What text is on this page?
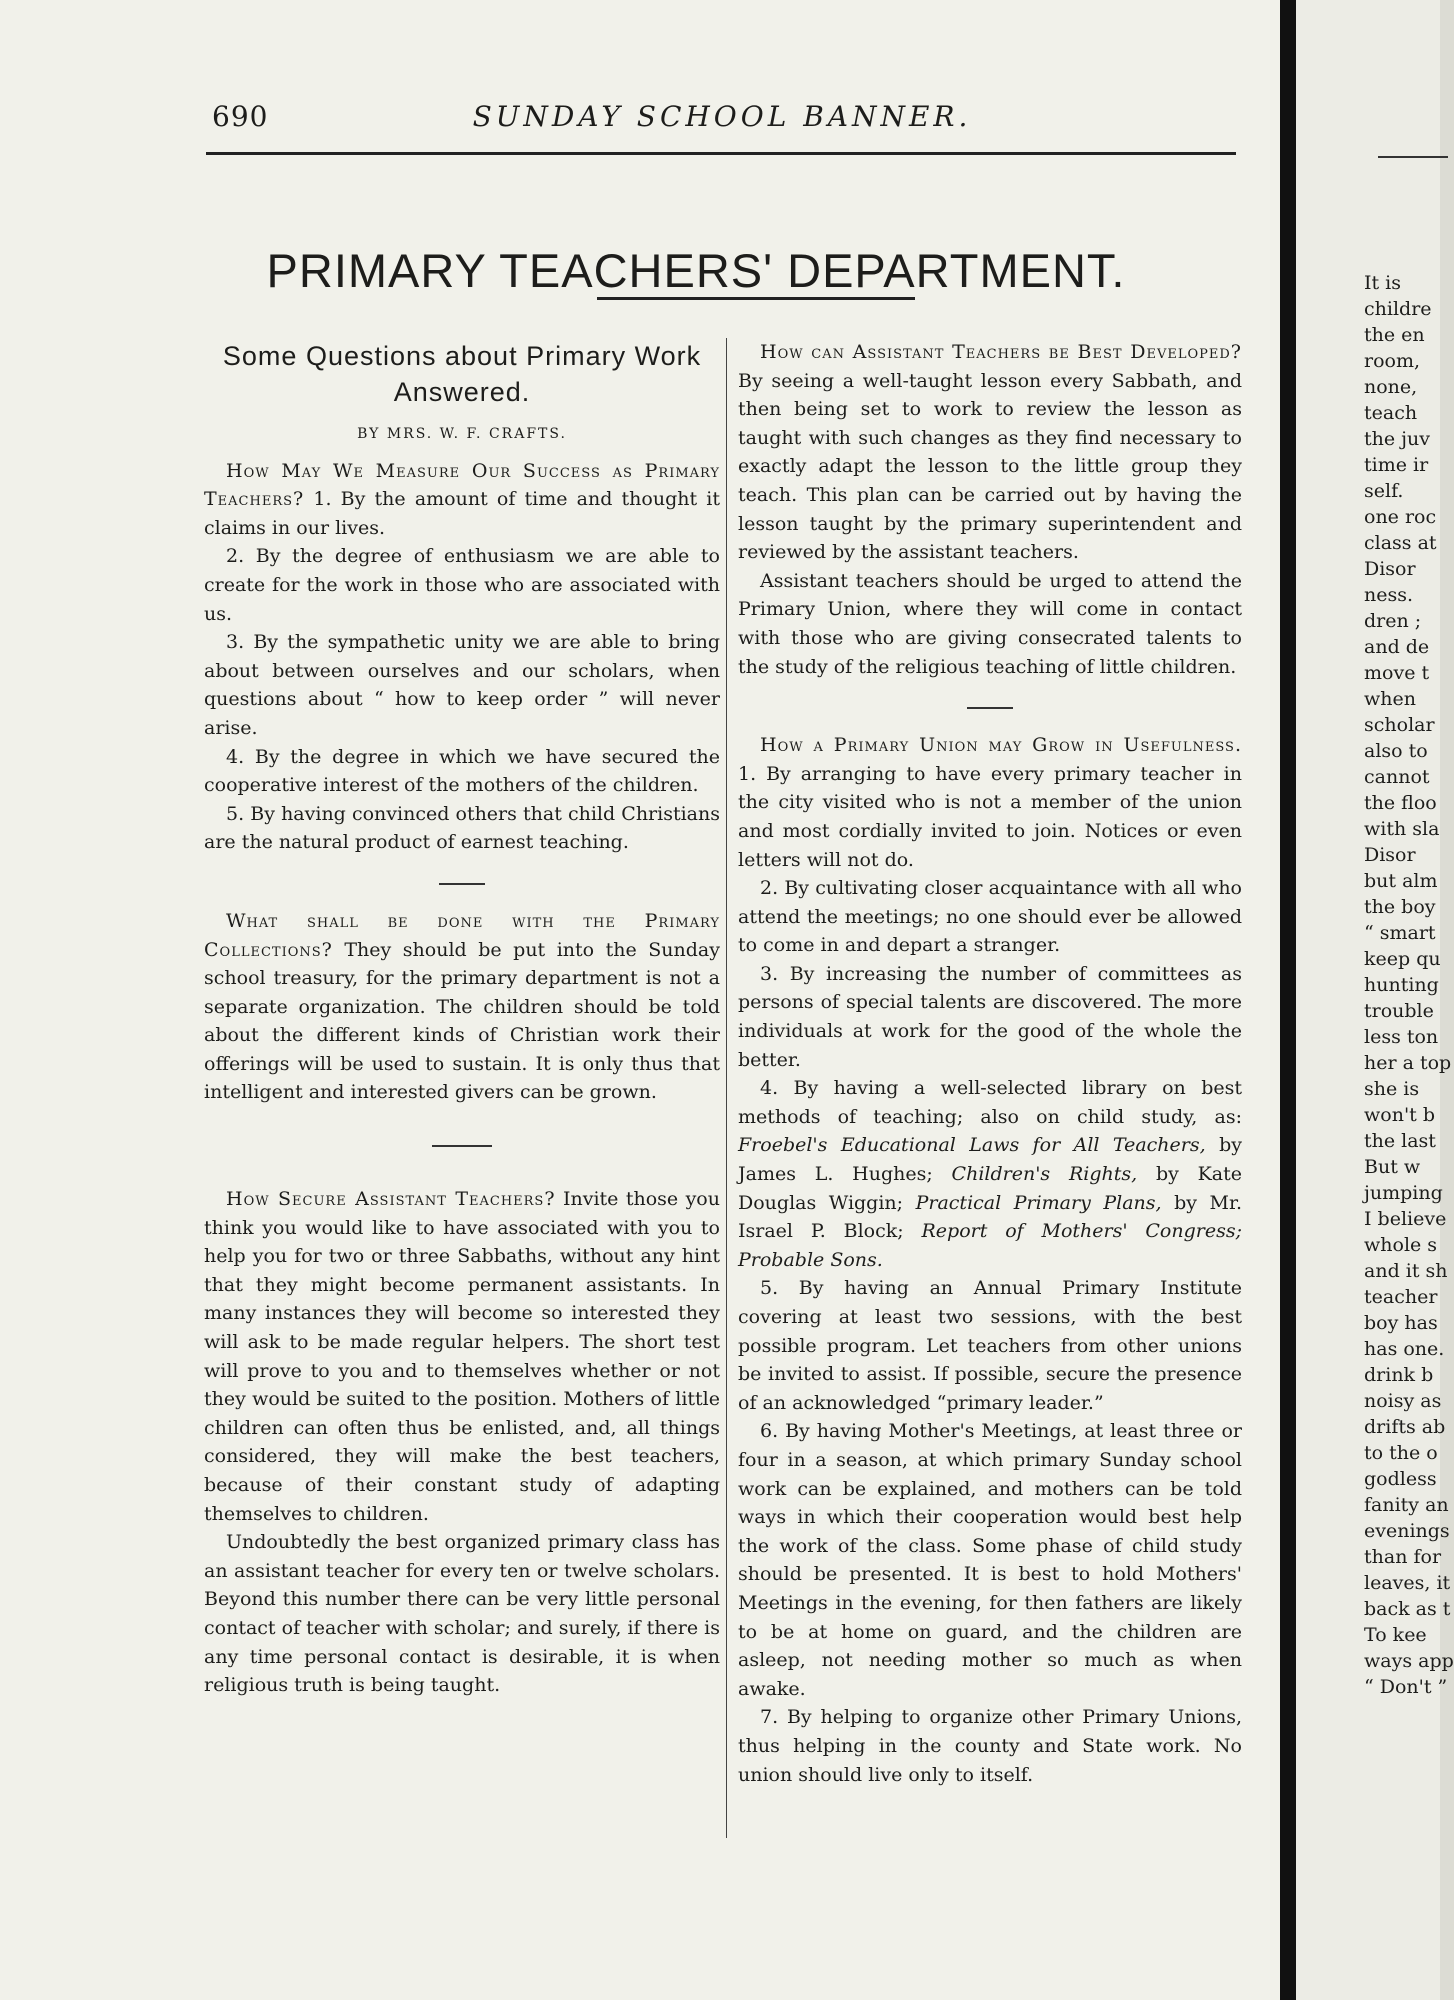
690	SUNDAY SCHOOL BANNER.
PRIMARY TEACHERS' DEPARTMENT.
Some Questions about Primary Work Answered.
BY MRS. W. F. CRAFTS.

How May We Measure Our Success as Primary Teachers? 1. By the amount of time and thought it claims in our lives.

2. By the degree of enthusiasm we are able to create for the work in those who are associated with us.

3. By the sympathetic unity we are able to bring about between ourselves and our scholars, when questions about “ how to keep order ” will never arise.

4. By the degree in which we have secured the cooperative interest of the mothers of the children.

5. By having convinced others that child Christians are the natural product of earnest teaching.

What shall be done with the Primary Collections? They should be put into the Sunday school treasury, for the primary department is not a separate organization. The children should be told about the different kinds of Christian work their offerings will be used to sustain. It is only thus that intelligent and interested givers can be grown.

How Secure Assistant Teachers? Invite those you think you would like to have associated with you to help you for two or three Sabbaths, without any hint that they might become permanent assistants. In many instances they will become so interested they will ask to be made regular helpers. The short test will prove to you and to themselves whether or not they would be suited to the position. Mothers of little children can often thus be enlisted, and, all things considered, they will make the best teachers, because of their constant study of adapting themselves to children.

Undoubtedly the best organized primary class has an assistant teacher for every ten or twelve scholars. Beyond this number there can be very little personal contact of teacher with scholar; and surely, if there is any time personal contact is desirable, it is when religious truth is being taught.

How can Assistant Teachers be Best Developed? By seeing a well-taught lesson every Sabbath, and then being set to work to review the lesson as taught with such changes as they find necessary to exactly adapt the lesson to the little group they teach. This plan can be carried out by having the lesson taught by the primary superintendent and reviewed by the assistant teachers.

Assistant teachers should be urged to attend the Primary Union, where they will come in contact with those who are giving consecrated talents to the study of the religious teaching of little children.

How a Primary Union may Grow in Usefulness. 1. By arranging to have every primary teacher in the city visited who is not a member of the union and most cordially invited to join. Notices or even letters will not do.

2. By cultivating closer acquaintance with all who attend the meetings; no one should ever be allowed to come in and depart a stranger.

3. By increasing the number of committees as persons of special talents are discovered. The more individuals at work for the good of the whole the better.

4. By having a well-selected library on best methods of teaching; also on child study, as: Froebel's Educational Laws for All Teachers, by James L. Hughes; Children's Rights, by Kate Douglas Wiggin; Practical Primary Plans, by Mr. Israel P. Block; Report of Mothers' Congress; Probable Sons.

5. By having an Annual Primary Institute covering at least two sessions, with the best possible program. Let teachers from other unions be invited to assist. If possible, secure the presence of an acknowledged “primary leader.”

6. By having Mother's Meetings, at least three or four in a season, at which primary Sunday school work can be explained, and mothers can be told ways in which their cooperation would best help the work of the class. Some phase of child study should be presented. It is best to hold Mothers' Meetings in the evening, for then fathers are likely to be at home on guard, and the children are asleep, not needing mother so much as when awake.

7. By helping to organize other Primary Unions, thus helping in the county and State work. No union should live only to itself.

It is
childre
the en
room,
none,
teach
the juv
time ir
self.
one roc
class at
Disor
ness.
dren ;
and de
move t
when
scholar
also to
cannot
the floo
with sla
Disor
but alm
the boy
“ smart
keep qu
hunting
trouble
less ton
her a top
she is
won't b
the last
But w
jumping
I believe
whole s
and it sh
teacher
boy has
has one.
drink b
noisy as
drifts ab
to the o
godless
fanity an
evenings
than for
leaves, it
back as t
To kee
ways app
“ Don't ”
